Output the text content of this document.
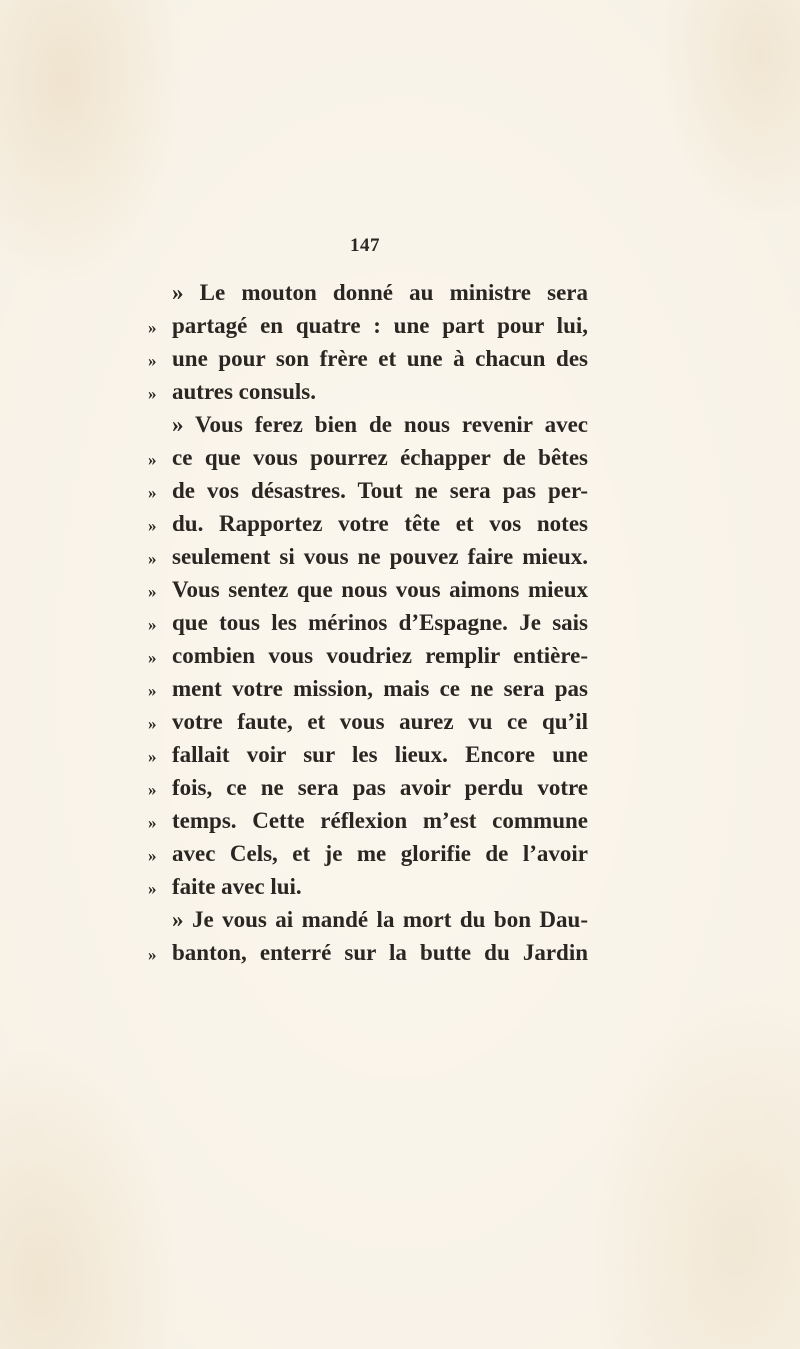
147
» Le mouton donné au ministre sera
» partagé en quatre : une part pour lui,
» une pour son frère et une à chacun des
» autres consuls.
» Vous ferez bien de nous revenir avec
» ce que vous pourrez échapper de bêtes
» de vos désastres. Tout ne sera pas per-
» du. Rapportez votre tête et vos notes
» seulement si vous ne pouvez faire mieux.
» Vous sentez que nous vous aimons mieux
» que tous les mérinos d’Espagne. Je sais
» combien vous voudriez remplir entière-
» ment votre mission, mais ce ne sera pas
» votre faute, et vous aurez vu ce qu’il
» fallait voir sur les lieux. Encore une
» fois, ce ne sera pas avoir perdu votre
» temps. Cette réflexion m’est commune
» avec Cels, et je me glorifie de l’avoir
» faite avec lui.
» Je vous ai mandé la mort du bon Dau-
» banton, enterré sur la butte du Jardin
